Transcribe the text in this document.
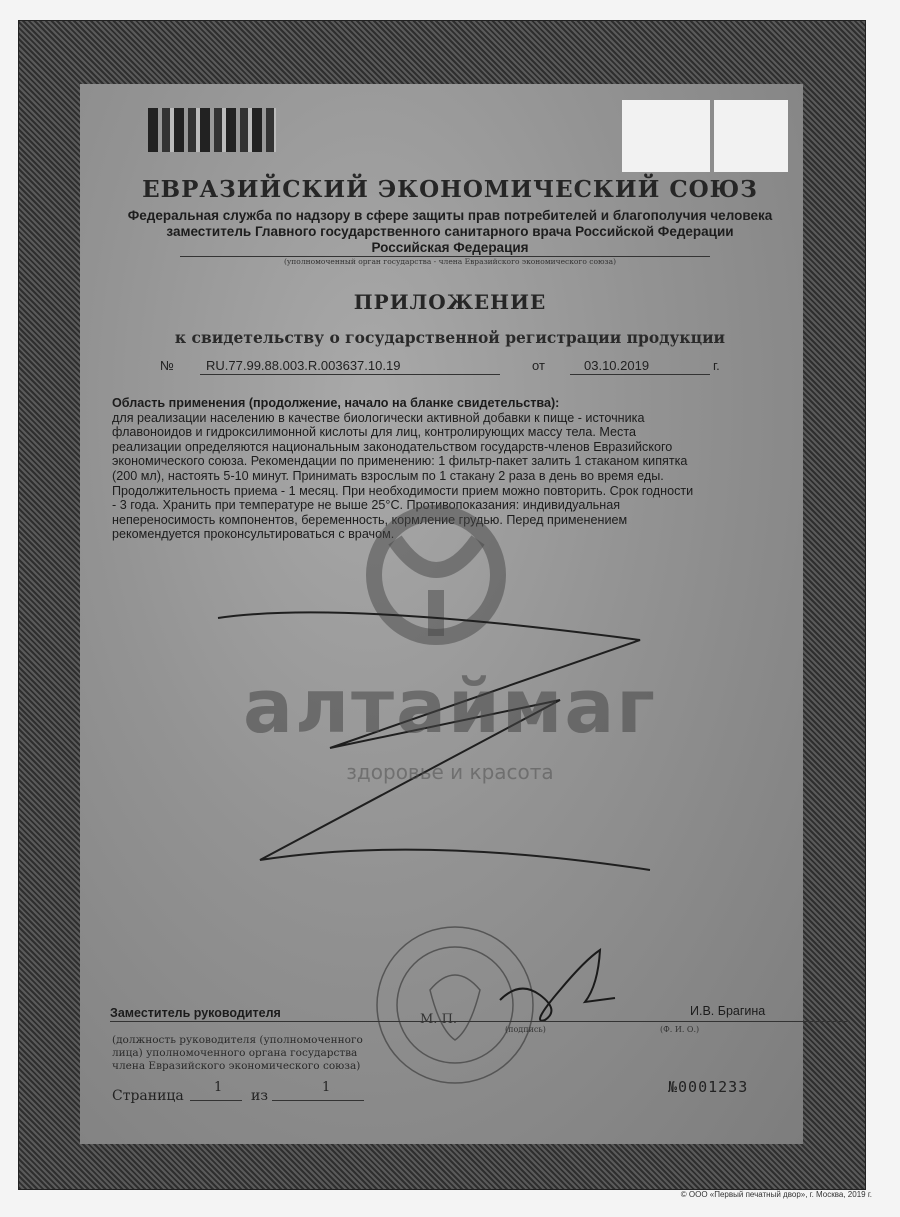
ЕВРАЗИЙСКИЙ ЭКОНОМИЧЕСКИЙ СОЮЗ
Федеральная служба по надзору в сфере защиты прав потребителей и благополучия человека
заместитель Главного государственного санитарного врача Российской Федерации
Российская Федерация
(уполномоченный орган государства - члена Евразийского экономического союза)
ПРИЛОЖЕНИЕ
к свидетельству о государственной регистрации продукции
№ RU.77.99.88.003.R.003637.10.19	от	03.10.2019	г.
Область применения (продолжение, начало на бланке свидетельства):
для реализации населению в качестве биологически активной добавки к пище - источника
флавоноидов и гидроксилимонной кислоты для лиц, контролирующих массу тела. Места
реализации определяются национальным законодательством государств-членов Евразийского
экономического союза. Рекомендации по применению: 1 фильтр-пакет залить 1 стаканом кипятка
(200 мл), настоять 5-10 минут. Принимать взрослым по 1 стакану 2 раза в день во время еды.
Продолжительность приема - 1 месяц. При необходимости прием можно повторить. Срок годности
- 3 года. Хранить при температуре не выше 25°С. Противопоказания: индивидуальная
непереносимость компонентов, беременность, кормление грудью. Перед применением
рекомендуется проконсультироваться с врачом.
алтаймаг
здоровье и красота
Заместитель руководителя	М. П.
(подпись)	(Ф. И. О.)
И.В. Брагина
(должность руководителя (уполномоченного
лица) уполномоченного органа государства
члена Евразийского экономического союза)
Страница
1
из
1	№0001233
© ООО «Первый печатный двор», г. Москва, 2019 г.
